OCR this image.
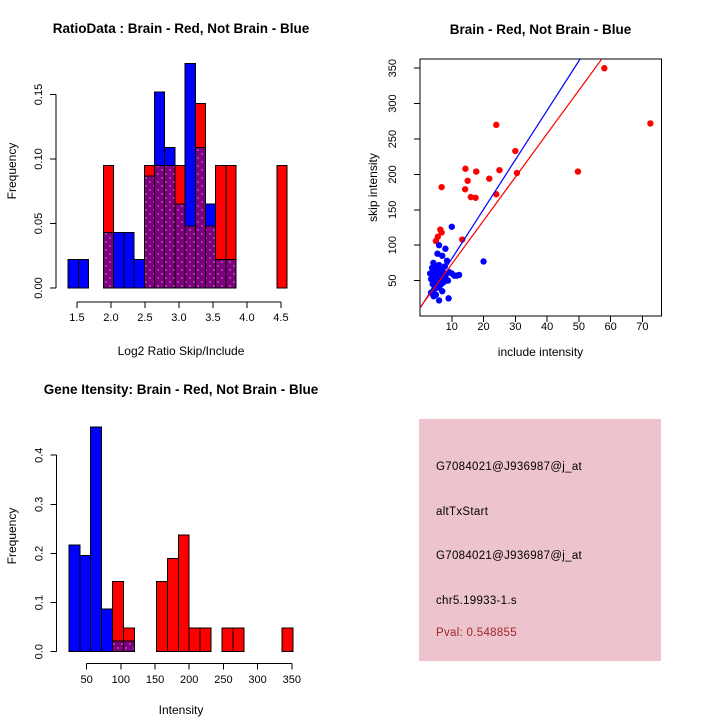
RatioData : Brain - Red, Not Brain - Blue
Log2 Ratio Skip/Include
Frequency
1.5 2.0 2.5 3.0 3.5 4.0 4.5
0.00
0.05
0.10
0.15
Brain - Red, Not Brain - Blue
include intensity
skip intensity
10 20 30 40 50 60 70
50
100
150
200
250
300
350
Gene Itensity: Brain - Red, Not Brain - Blue
Intensity
Frequency
50 100 150 200 250 300 350
0.0
0.1
0.2
0.3
0.4
G7084021@J936987@j_at
altTxStart
G7084021@J936987@j_at
chr5.19933-1.s
Pval: 0.548855
